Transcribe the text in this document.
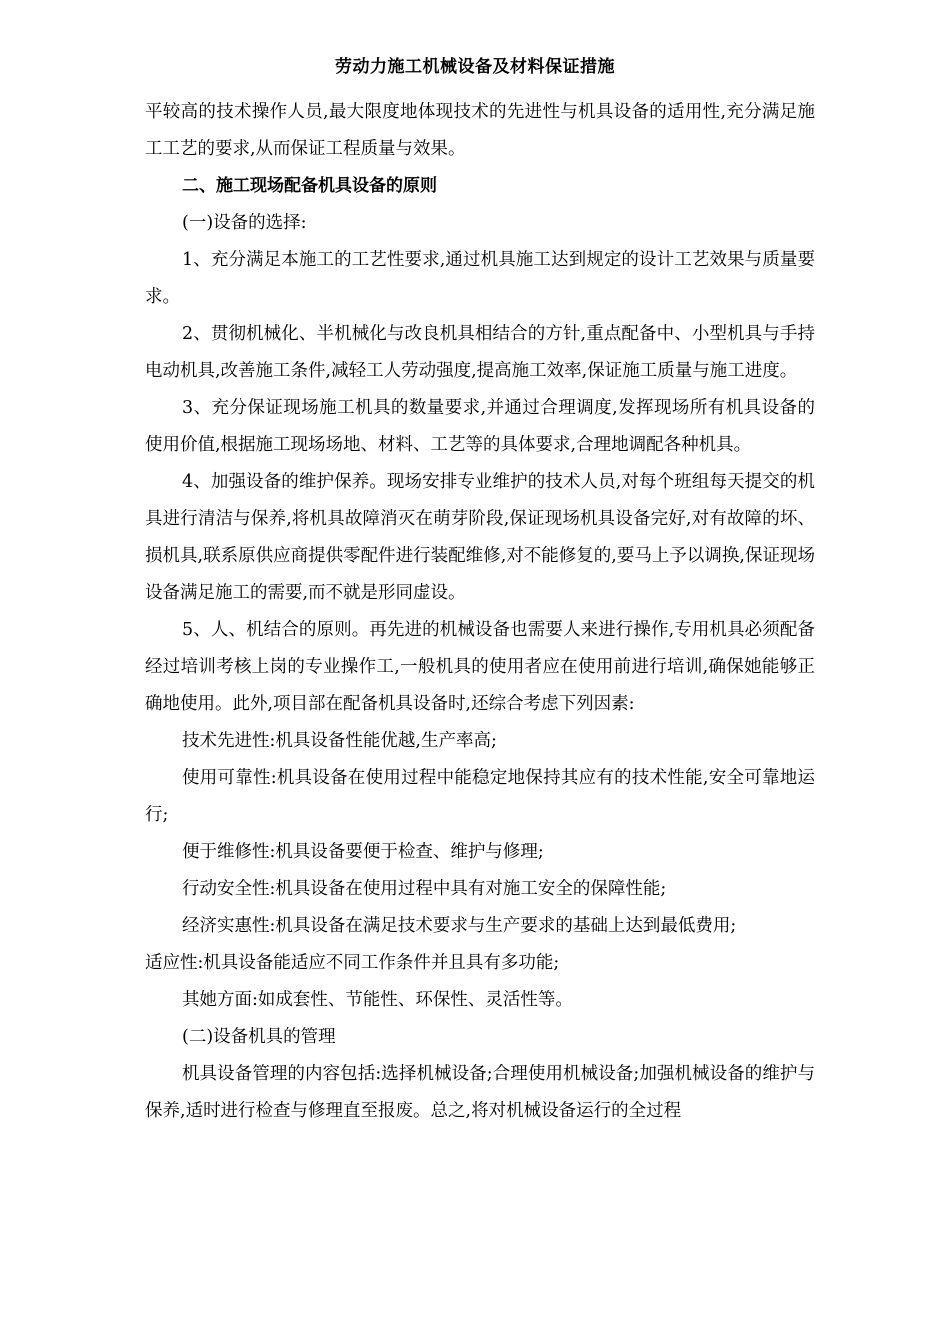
劳动力施工机械设备及材料保证措施

平较高的技术操作人员,最大限度地体现技术的先进性与机具设备的适用性,充分满足施工工艺的要求,从而保证工程质量与效果。

二、施工现场配备机具设备的原则

(一)设备的选择:

1、充分满足本施工的工艺性要求,通过机具施工达到规定的设计工艺效果与质量要求。

2、贯彻机械化、半机械化与改良机具相结合的方针,重点配备中、小型机具与手持电动机具,改善施工条件,减轻工人劳动强度,提高施工效率,保证施工质量与施工进度。

3、充分保证现场施工机具的数量要求,并通过合理调度,发挥现场所有机具设备的使用价值,根据施工现场场地、材料、工艺等的具体要求,合理地调配各种机具。

4、加强设备的维护保养。现场安排专业维护的技术人员,对每个班组每天提交的机具进行清洁与保养,将机具故障消灭在萌芽阶段,保证现场机具设备完好,对有故障的坏、损机具,联系原供应商提供零配件进行装配维修,对不能修复的,要马上予以调换,保证现场设备满足施工的需要,而不就是形同虚设。

5、人、机结合的原则。再先进的机械设备也需要人来进行操作,专用机具必须配备经过培训考核上岗的专业操作工,一般机具的使用者应在使用前进行培训,确保她能够正确地使用。此外,项目部在配备机具设备时,还综合考虑下列因素:

技术先进性:机具设备性能优越,生产率高;

使用可靠性:机具设备在使用过程中能稳定地保持其应有的技术性能,安全可靠地运行;

便于维修性:机具设备要便于检查、维护与修理;

行动安全性:机具设备在使用过程中具有对施工安全的保障性能;

经济实惠性:机具设备在满足技术要求与生产要求的基础上达到最低费用;

适应性:机具设备能适应不同工作条件并且具有多功能;

其她方面:如成套性、节能性、环保性、灵活性等。

(二)设备机具的管理

机具设备管理的内容包括:选择机械设备;合理使用机械设备;加强机械设备的维护与保养,适时进行检查与修理直至报废。总之,将对机械设备运行的全过程
